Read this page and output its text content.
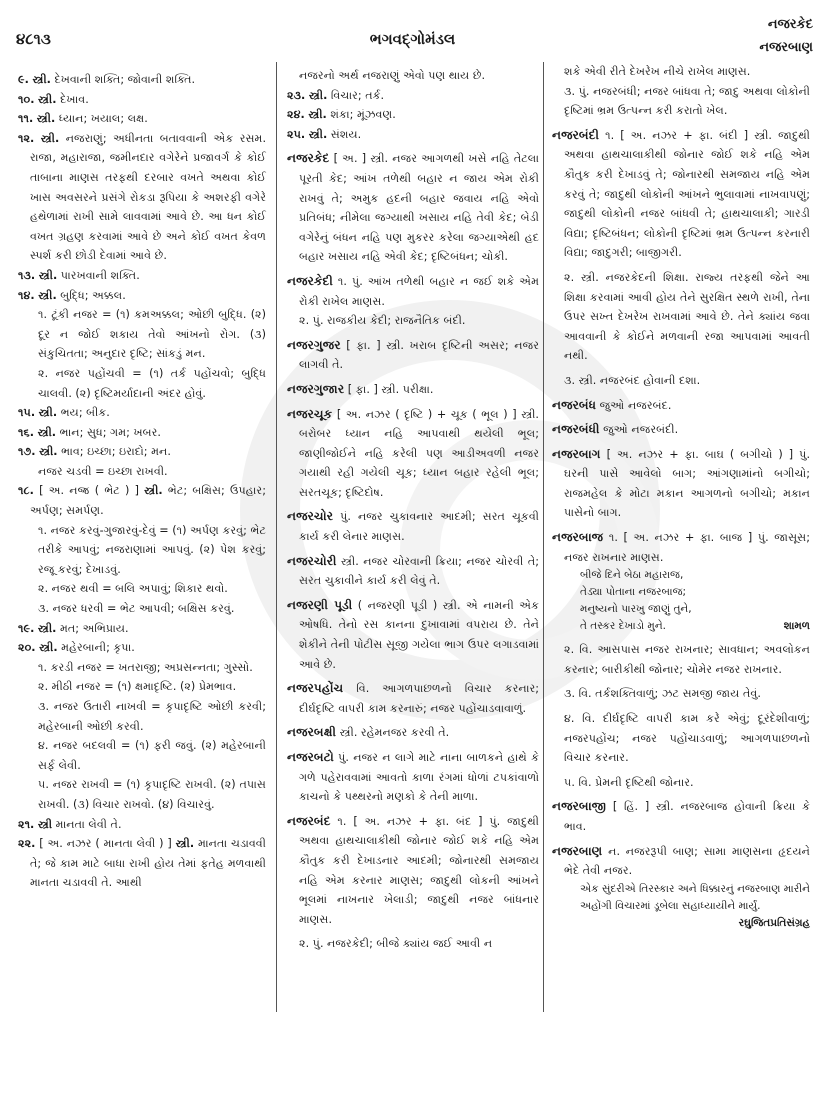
૪૮૧૩	ભગવદ્ગોમંડલ
નજરકેદ
નજરબાણ

૯. સ્ત્રી. દેખવાની શક્તિ; જોવાની શક્તિ.

૧૦. સ્ત્રી. દેખાવ.

૧૧. સ્ત્રી. ધ્યાન; ખયાલ; લક્ષ.

૧૨. સ્ત્રી. નજરાણું; અધીનતા બતાવવાની એક રસમ. રાજા, મહારાજા, જમીનદાર વગેરેને પ્રજાવર્ગ કે કોઈ તાબાના માણસ તરફથી દરબાર વખતે અથવા કોઈ ખાસ અવસરને પ્રસંગે રોકડા રૂપિયા કે અશરફી વગેરે હથેળામાં રાખી સામે લાવવામાં આવે છે. આ ધન કોઈ વખત ગ્રહણ કરવામાં આવે છે અને કોઈ વખત કેવળ સ્પર્શ કરી છોડી દેવામાં આવે છે.

૧૩. સ્ત્રી. પારખવાની શક્તિ.

૧૪. સ્ત્રી. બુદ્ધિ; અક્કલ.

૧. ટૂંકી નજર = (૧) કમઅક્કલ; ઓછી બુદ્ધિ. (૨) દૂર ન જોઈ શકાય તેવો આંખનો રોગ. (૩) સંકુચિતતા; અનુદાર દૃષ્ટિ; સાંકડું મન.

૨. નજર પહોંચવી = (૧) તર્ક પહોંચવો; બુદ્ધિ ચાલવી. (૨) દૃષ્ટિમર્યાદાની અંદર હોવું.

૧૫. સ્ત્રી. ભય; બીક.

૧૬. સ્ત્રી. ભાન; સુધ; ગમ; ખબર.

૧૭. સ્ત્રી. ભાવ; ઇચ્છા; ઇરાદો; મન.

નજર ચડવી = ઇચ્છા રાખવી.

૧૮. [ અ. નજ્ર ( ભેટ ) ] સ્ત્રી. ભેટ; બક્ષિસ; ઉપહાર; અર્પણ; સમર્પણ.

૧. નજર કરવું-ગુજારવું-દેવું = (૧) અર્પણ કરવું; ભેટ તરીકે આપવું; નજરાણામાં આપવું. (૨) પેશ કરવું; રજૂ કરવું; દેખાડવું.

૨. નજર થવી = બલિ અપાવું; શિકાર થવો.

૩. નજર ધરવી = ભેટ આપવી; બક્ષિસ કરવું.

૧૯. સ્ત્રી. મત; અભિપ્રાય.

૨૦. સ્ત્રી. મહેરબાની; કૃપા.

૧. કરડી નજર = ખતરાજી; અપ્રસન્નતા; ગુસ્સો.

૨. મીઠી નજર = (૧) ક્ષમાદૃષ્ટિ. (૨) પ્રેમભાવ.

૩. નજર ઉતારી નાખવી = કૃપાદૃષ્ટિ ઓછી કરવી; મહેરબાની ઓછી કરવી.

૪. નજર બદલવી = (૧) ફરી જવું. (૨) મહેરબાની સર્ફ લેવી.

૫. નજર રાખવી = (૧) કૃપાદૃષ્ટિ રાખવી. (૨) તપાસ રાખવી. (૩) વિચાર રાખવો. (૪) વિચારવું.

૨૧. સ્ત્રી માનતા લેવી તે.

૨૨. [ અ. નઝર ( માનતા લેવી ) ] સ્ત્રી. માનતા ચડાવવી તે; જે કામ માટે બાધા રાખી હોય તેમાં ફતેહ મળવાથી માનતા ચડાવવી તે. આથી

નજરનો અર્થ નજરાણું એવો પણ થાય છે.

૨૩. સ્ત્રી. વિચાર; તર્ક.

૨૪. સ્ત્રી. શંકા; મૂંઝવણ.

૨૫. સ્ત્રી. સંશય.

નજરકેદ [ અ. ] સ્ત્રી. નજર આગળથી ખસે નહિ તેટલા પૂરતી કેદ; આંખ તળેથી બહાર ન જાય એમ રોકી રાખવું તે; અમુક હદની બહાર જવાય નહિ એવો પ્રતિબંધ; નીમેલા જગ્યાથી ખસાય નહિ તેવી કેદ; બેડી વગેરેનું બંધન નહિ પણ મુકરર કરેલા જગ્યાએથી હદ બહાર ખસાય નહિ એવી કેદ; દૃષ્ટિબંધન; ચોકી.

નજરકેદી ૧. પું. આંખ તળેથી બહાર ન જઈ શકે એમ રોકી રાખેલ માણસ.

૨. પું. રાજકીય કેદી; રાજનૈતિક બંદી.

નજરગુજર [ ફા. ] સ્ત્રી. ખરાબ દૃષ્ટિની અસર; નજર લાગવી તે.

નજરગુજાર [ ફા. ] સ્ત્રી. પરીક્ષા.

નજરચૂક [ અ. નઝર ( દૃષ્ટિ ) + ચૂક ( ભૂલ ) ] સ્ત્રી. બરોબર ધ્યાન નહિ આપવાથી થયેલી ભૂલ; જાણીજોઈને નહિ કરેલી પણ આડીઅવળી નજર ગયાથી રહી ગયેલી ચૂક; ધ્યાન બહાર રહેલી ભૂલ; સરતચૂક; દૃષ્ટિદોષ.

નજરચોર પું. નજર ચુકાવનાર આદમી; સરત ચૂકવી કાર્ય કરી લેનાર માણસ.

નજરચોરી સ્ત્રી. નજર ચોરવાની ક્રિયા; નજર ચોરવી તે; સરત ચુકાવીને કાર્ય કરી લેવું તે.

નજરણી પૂડી ( નજરણી પૂડી ) સ્ત્રી. એ નામની એક ઓષધિ. તેનો રસ કાનના દુખાવામાં વપરાય છે. તેને શેકીને તેની પોટીસ સૂજી ગયેલા ભાગ ઉપર લગાડવામાં આવે છે.

નજરપહોંચ વિ. આગળપાછળનો વિચાર કરનાર; દીર્ઘદૃષ્ટિ વાપરી કામ કરનારું; નજર પહોંચાડવાવાળું.

નજરબક્ષી સ્ત્રી. રહેમનજર કરવી તે.

નજરબટો પું. નજર ન લાગે માટે નાના બાળકને હાથે કે ગળે પહેરાવવામાં આવતો કાળા રંગમાં ધોળાં ટપકાંવાળો કાચનો કે પથ્થરનો મણકો કે તેની માળા.

નજરબંદ ૧. [ અ. નઝર + ફા. બંદ ] પું. જાદુથી અથવા હાથચાલાકીથી જોનાર જોઈ શકે નહિ એમ કૌતુક કરી દેખાડનાર આદમી; જોનારથી સમજાય નહિ એમ કરનાર માણસ; જાદુથી લોકની આંખને ભૂલમાં નાખનાર ખેલાડી; જાદુથી નજર બાંધનાર માણસ.

૨. પું. નજરકેદી; બીજે ક્યાંય જઈ આવી ન

શકે એવી રીતે દેખરેખ નીચે રાખેલ માણસ.

૩. પું. નજરબંધી; નજર બાંધવા તે; જાદુ અથવા લોકોની દૃષ્ટિમાં ભ્રમ ઉત્પન્ન કરી કરાતો ખેલ.

નજરબંદી ૧. [ અ. નઝર + ફા. બંદી ] સ્ત્રી. જાદુથી અથવા હાથચાલાકીથી જોનાર જોઈ શકે નહિ એમ કૌતુક કરી દેખાડવું તે; જોનારથી સમજાય નહિ એમ કરવું તે; જાદુથી લોકોની આંખને ભુલાવામાં નાખવાપણું; જાદુથી લોકોની નજર બાંધવી તે; હાથચાલાકી; ગારડી વિદ્યા; દૃષ્ટિબંધન; લોકોની દૃષ્ટિમાં ભ્રમ ઉત્પન્ન કરનારી વિદ્યા; જાદુગરી; બાજીગરી.

૨. સ્ત્રી. નજરકેદની શિક્ષા. રાજ્ય તરફથી જેને આ શિક્ષા કરવામાં આવી હોય તેને સુરક્ષિત સ્થળે રાખી, તેના ઉપર સખ્ત દેખરેખ રાખવામાં આવે છે. તેને ક્યાંય જવા આવવાની કે કોઈને મળવાની રજા આપવામાં આવતી નથી.

૩. સ્ત્રી. નજરબંદ હોવાની દશા.

નજરબંધ જુઓ નજરબંદ.

નજરબંધી જુઓ નજરબંદી.

નજરબાગ [ અ. નઝર + ફા. બાઘ ( બગીચો ) ] પું. ઘરની પાસે આવેલો બાગ; આંગણામાંનો બગીચો; રાજમહેલ કે મોટા મકાન આગળનો બગીચો; મકાન પાસેનો બાગ.

નજરબાજ ૧. [ અ. નઝર + ફા. બાજ ] પું. જાસૂસ; નજર રાખનાર માણસ.

બીજે દિને બેઠા મહારાજ,
તેડ્યા પોતાના નજરબાજ;
મનુષ્યનો પારખુ જાણું તુને,
તે તસ્કર દેખાડો મુને.	શામળ

૨. વિ. આસપાસ નજર રાખનાર; સાવધાન; અવલોકન કરનાર; બારીકીથી જોનાર; ચોમેર નજર રાખનાર.

૩. વિ. તર્કશક્તિવાળું; ઝટ સમજી જાય તેવું.

૪. વિ. દીર્ઘદૃષ્ટિ વાપરી કામ કરે એવું; દૂરંદેશીવાળું; નજરપહોંચ; નજર પહોંચાડવાળું; આગળપાછળનો વિચાર કરનાર.

૫. વિ. પ્રેમની દૃષ્ટિથી જોનાર.

નજરબાજી [ હિં. ] સ્ત્રી. નજરબાજ હોવાની ક્રિયા કે ભાવ.

નજરબાણ ન. નજરરૂપી બાણ; સામા માણસના હૃદયને ભેદે તેવી નજર.

એક સુંદરીએ તિરસ્કાર અને ધિક્કારનું નજરબાણ મારીને અહોંગી વિચારમાં ડૂબેલા સહાધ્યાયીને માર્યું.
રઘુજિતપ્રતિસંગ્રહ
